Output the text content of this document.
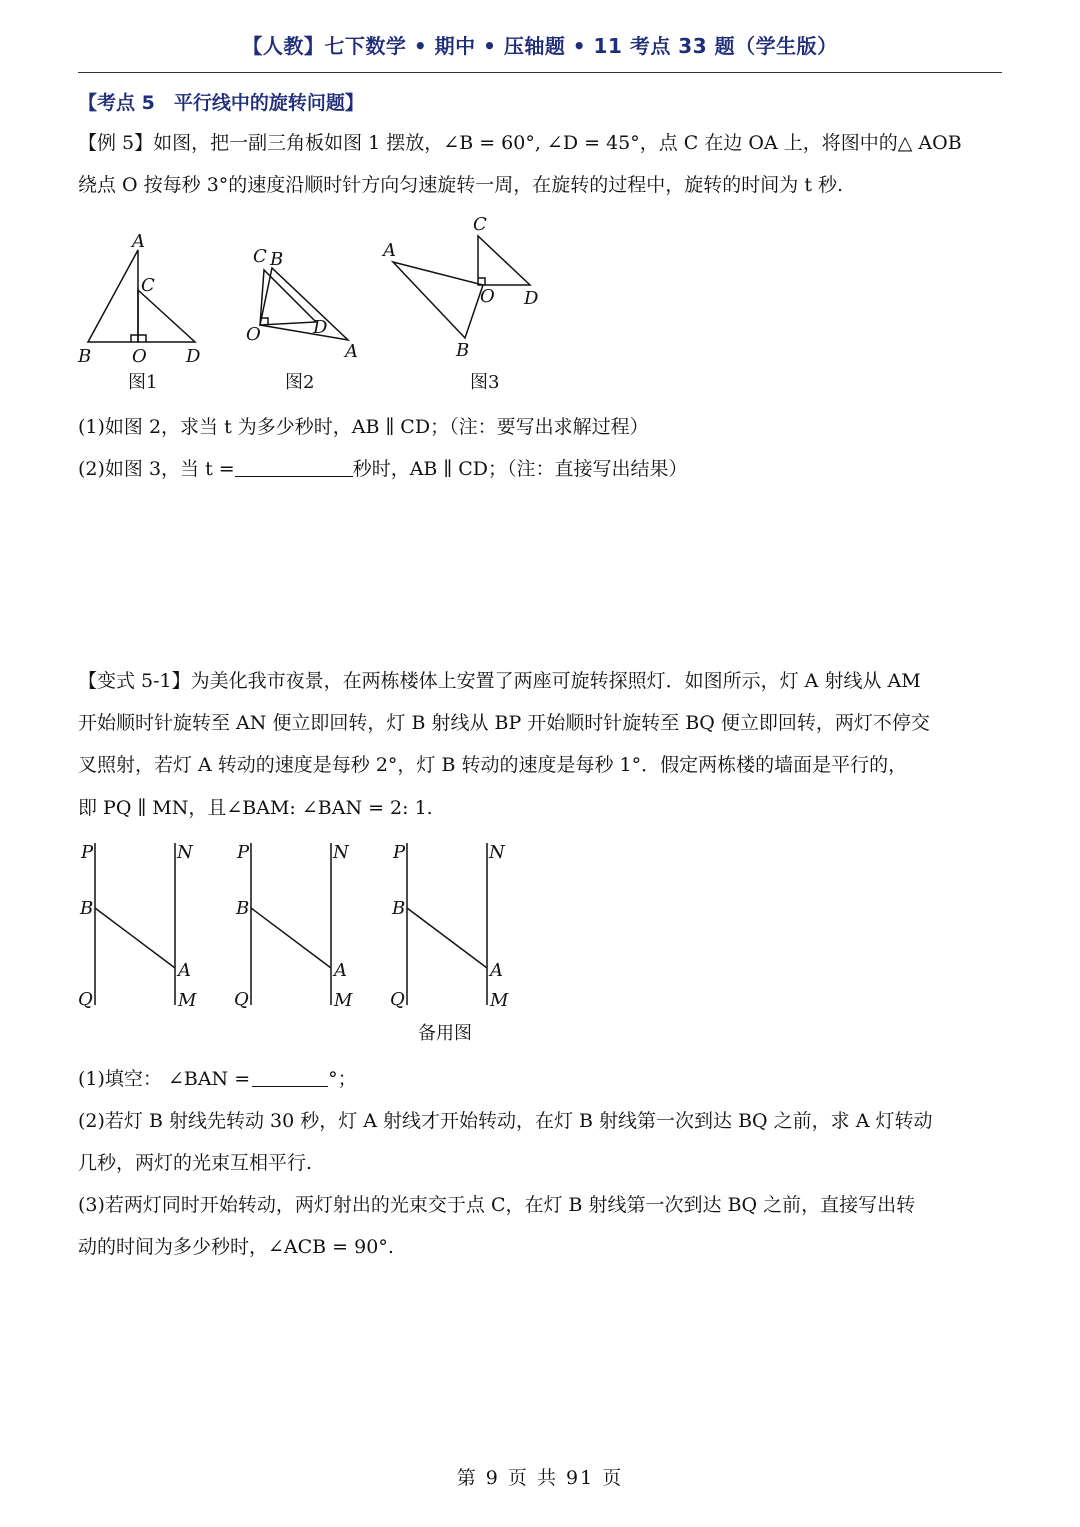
【人教】七下数学 • 期中 • 压轴题 • 11 考点 33 题（学生版）
【考点 5　平行线中的旋转问题】
【例 5】如图，把一副三角板如图 1 摆放，∠B = 60°, ∠D = 45°，点 C 在边 OA 上，将图中的△ AOB
绕点 O 按每秒 3°的速度沿顺时针方向匀速旋转一周，在旋转的过程中，旋转的时间为 t 秒.
A
C
B O D
C B
O	D
A
C
A
O D
B
图1	图2	图3
(1)如图 2，求当 t 为多少秒时，AB ∥ CD；（注：要写出求解过程）
(2)如图 3，当 t =	秒时，AB ∥ CD；（注：直接写出结果）
【变式 5-1】为美化我市夜景，在两栋楼体上安置了两座可旋转探照灯．如图所示，灯 A 射线从 AM
开始顺时针旋转至 AN 便立即回转，灯 B 射线从 BP 开始顺时针旋转至 BQ 便立即回转，两灯不停交
叉照射，若灯 A 转动的速度是每秒 2°，灯 B 转动的速度是每秒 1°．假定两栋楼的墙面是平行的，
即 PQ ∥ MN，且∠BAM: ∠BAN = 2: 1.
P	N
B
A
Q	M
P	N
B
A
Q	M
P	N
B
A
Q	M
备用图
(1)填空： ∠BAN =	°；
(2)若灯 B 射线先转动 30 秒，灯 A 射线才开始转动，在灯 B 射线第一次到达 BQ 之前，求 A 灯转动
几秒，两灯的光束互相平行.
(3)若两灯同时开始转动，两灯射出的光束交于点 C，在灯 B 射线第一次到达 BQ 之前，直接写出转
动的时间为多少秒时，∠ACB = 90°.
第 9 页 共 91 页
